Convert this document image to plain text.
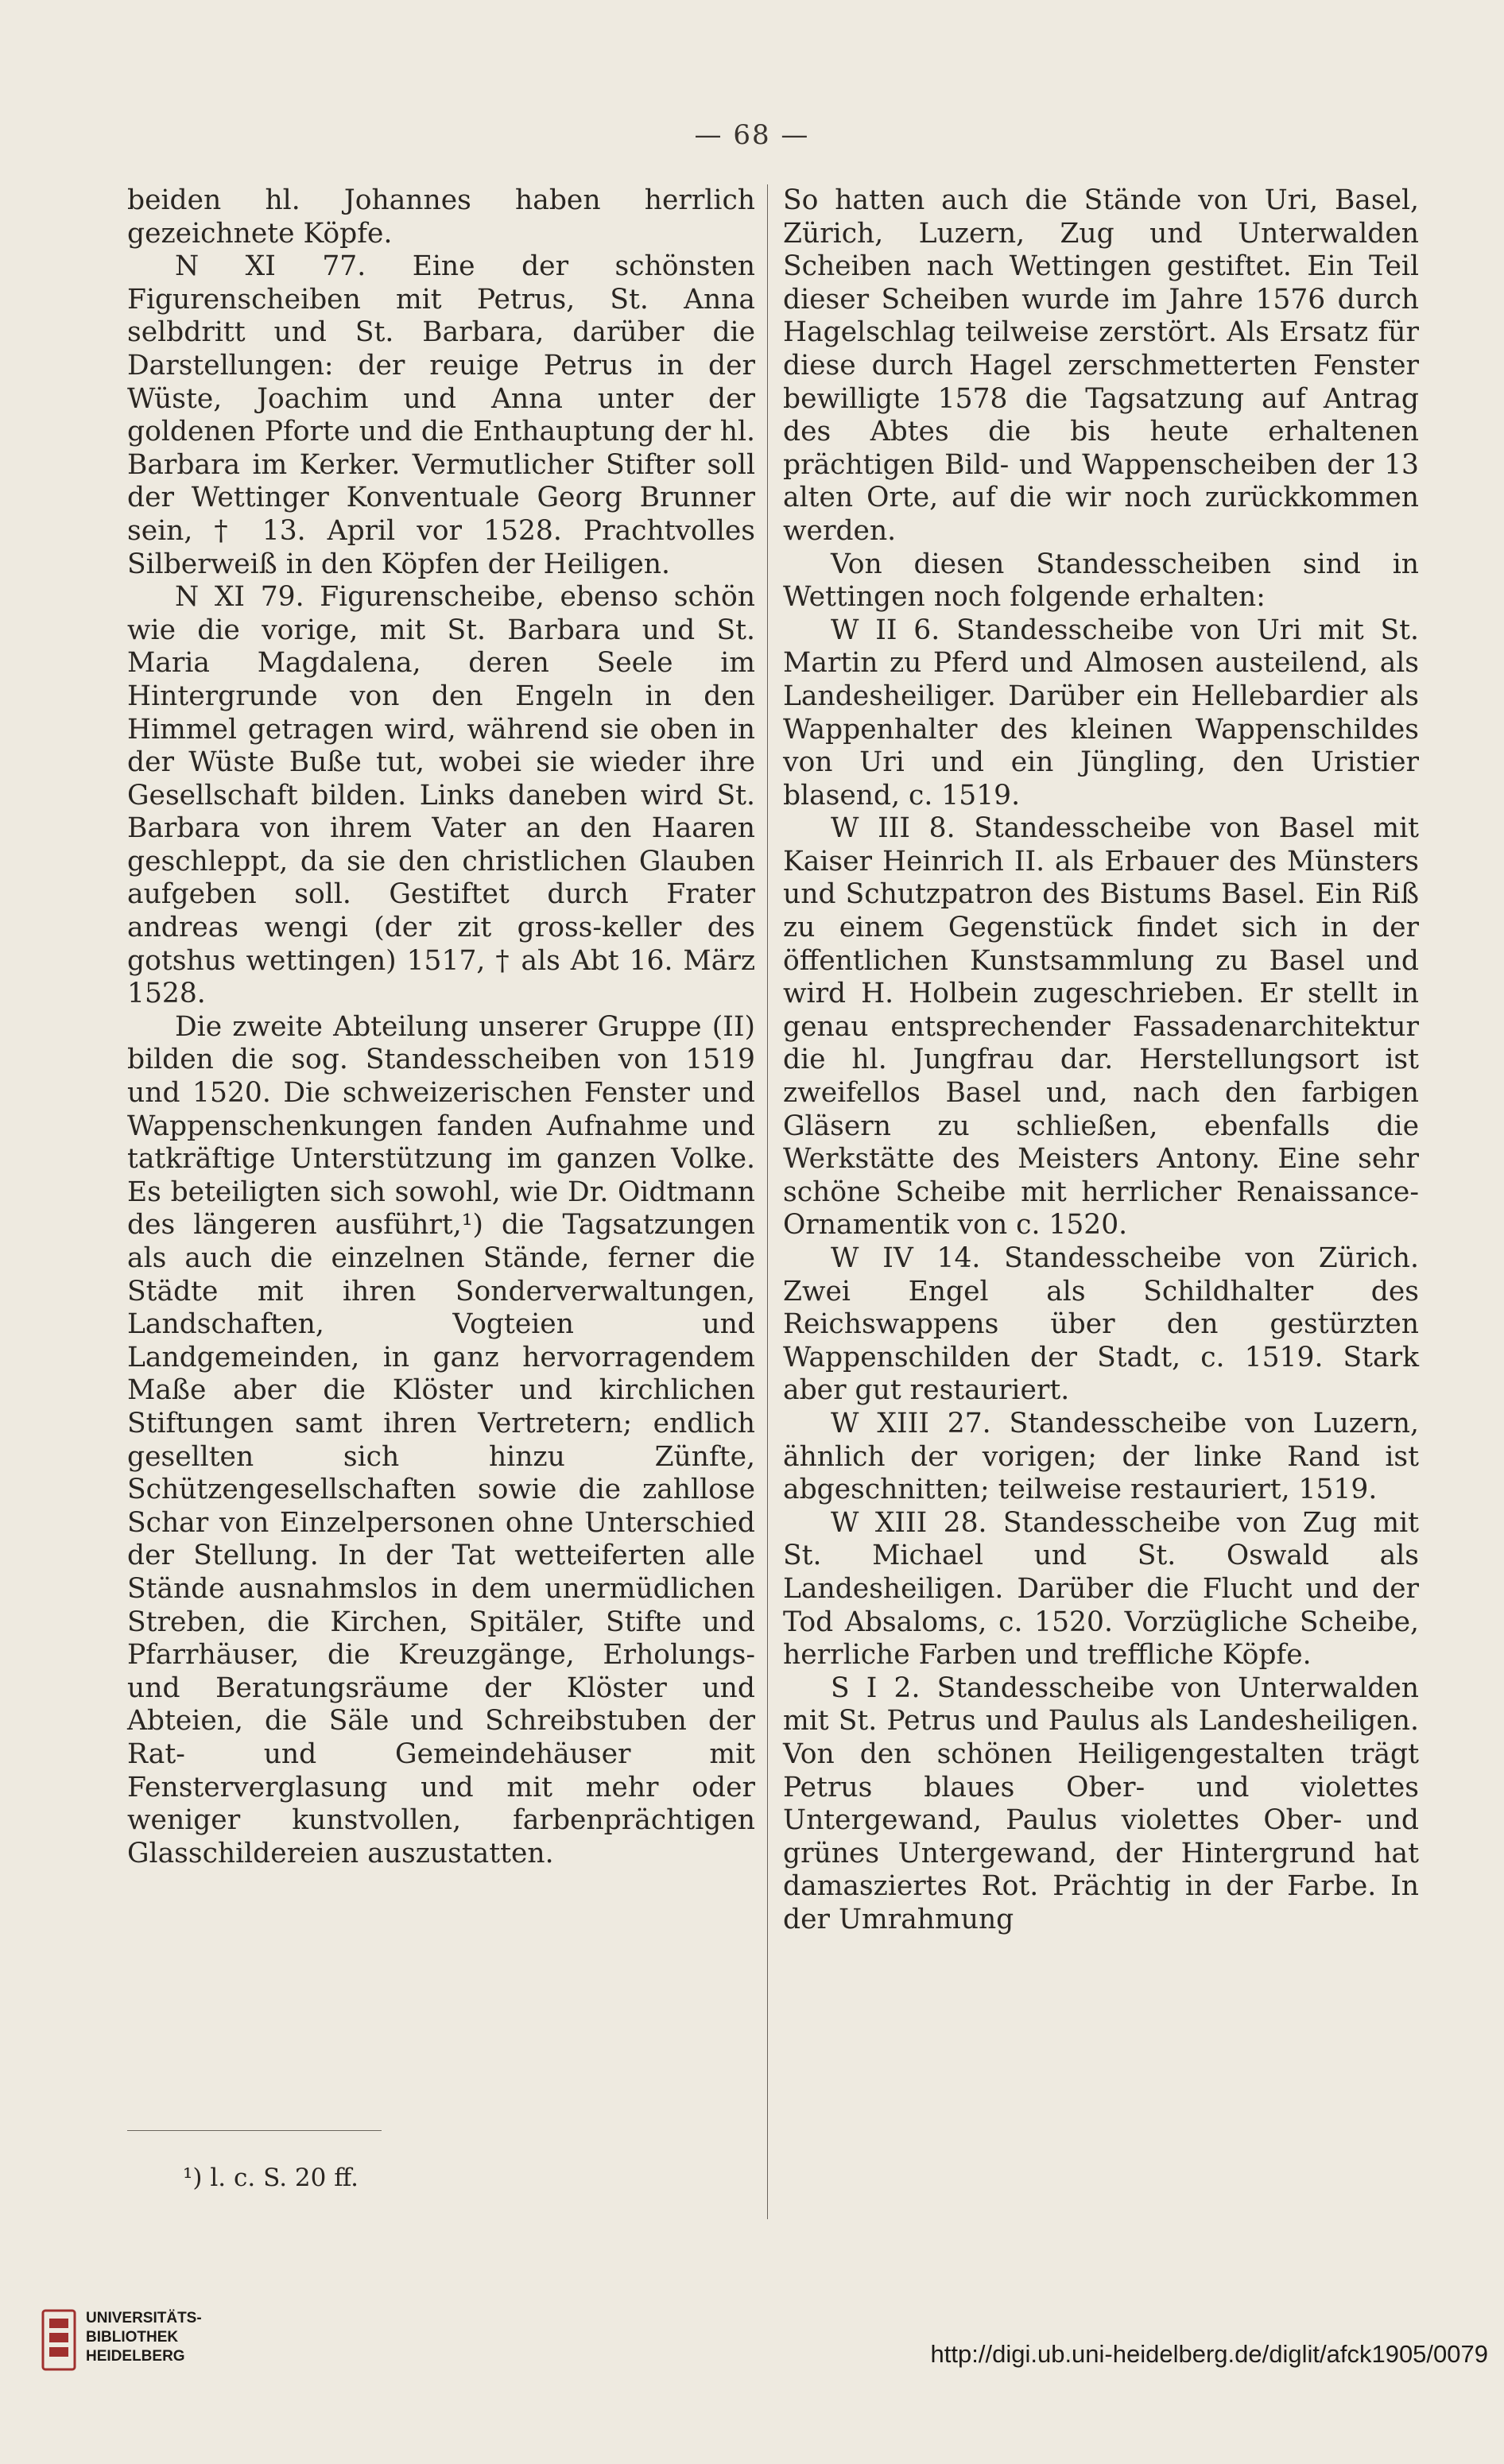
— 68 —

beiden hl. Johannes haben herrlich gezeichnete Köpfe.

N XI 77. Eine der schönsten Figurenscheiben mit Petrus, St. Anna selbdritt und St. Barbara, darüber die Darstellungen: der reuige Petrus in der Wüste, Joachim und Anna unter der goldenen Pforte und die Enthauptung der hl. Barbara im Kerker. Vermutlicher Stifter soll der Wettinger Konventuale Georg Brunner sein, † 13. April vor 1528. Prachtvolles Silberweiß in den Köpfen der Heiligen.

N XI 79. Figurenscheibe, ebenso schön wie die vorige, mit St. Barbara und St. Maria Magdalena, deren Seele im Hintergrunde von den Engeln in den Himmel getragen wird, während sie oben in der Wüste Buße tut, wobei sie wieder ihre Gesellschaft bilden. Links daneben wird St. Barbara von ihrem Vater an den Haaren geschleppt, da sie den christlichen Glauben aufgeben soll. Gestiftet durch Frater andreas wengi (der zit gross-keller des gotshus wettingen) 1517, † als Abt 16. März 1528.

Die zweite Abteilung unserer Gruppe (II) bilden die sog. Standesscheiben von 1519 und 1520. Die schweizerischen Fenster und Wappenschenkungen fanden Aufnahme und tatkräftige Unterstützung im ganzen Volke. Es beteiligten sich sowohl, wie Dr. Oidtmann des längeren ausführt,¹) die Tagsatzungen als auch die einzelnen Stände, ferner die Städte mit ihren Sonderverwaltungen, Landschaften, Vogteien und Landgemeinden, in ganz hervorragendem Maße aber die Klöster und kirchlichen Stiftungen samt ihren Vertretern; endlich gesellten sich hinzu Zünfte, Schützengesellschaften sowie die zahllose Schar von Einzelpersonen ohne Unterschied der Stellung. In der Tat wetteiferten alle Stände ausnahmslos in dem unermüdlichen Streben, die Kirchen, Spitäler, Stifte und Pfarrhäuser, die Kreuzgänge, Erholungs- und Beratungsräume der Klöster und Abteien, die Säle und Schreibstuben der Rat- und Gemeindehäuser mit Fensterverglasung und mit mehr oder weniger kunstvollen, farbenprächtigen Glasschildereien auszustatten.

So hatten auch die Stände von Uri, Basel, Zürich, Luzern, Zug und Unterwalden Scheiben nach Wettingen gestiftet. Ein Teil dieser Scheiben wurde im Jahre 1576 durch Hagelschlag teilweise zerstört. Als Ersatz für diese durch Hagel zerschmetterten Fenster bewilligte 1578 die Tagsatzung auf Antrag des Abtes die bis heute erhaltenen prächtigen Bild- und Wappenscheiben der 13 alten Orte, auf die wir noch zurückkommen werden.

Von diesen Standesscheiben sind in Wettingen noch folgende erhalten:

W II 6. Standesscheibe von Uri mit St. Martin zu Pferd und Almosen austeilend, als Landesheiliger. Darüber ein Hellebardier als Wappenhalter des kleinen Wappenschildes von Uri und ein Jüngling, den Uristier blasend, c. 1519.

W III 8. Standesscheibe von Basel mit Kaiser Heinrich II. als Erbauer des Münsters und Schutzpatron des Bistums Basel. Ein Riß zu einem Gegenstück findet sich in der öffentlichen Kunstsammlung zu Basel und wird H. Holbein zugeschrieben. Er stellt in genau entsprechender Fassadenarchitektur die hl. Jungfrau dar. Herstellungsort ist zweifellos Basel und, nach den farbigen Gläsern zu schließen, ebenfalls die Werkstätte des Meisters Antony. Eine sehr schöne Scheibe mit herrlicher Renaissance-Ornamentik von c. 1520.

W IV 14. Standesscheibe von Zürich. Zwei Engel als Schildhalter des Reichswappens über den gestürzten Wappenschilden der Stadt, c. 1519. Stark aber gut restauriert.

W XIII 27. Standesscheibe von Luzern, ähnlich der vorigen; der linke Rand ist abgeschnitten; teilweise restauriert, 1519.

W XIII 28. Standesscheibe von Zug mit St. Michael und St. Oswald als Landesheiligen. Darüber die Flucht und der Tod Absaloms, c. 1520. Vorzügliche Scheibe, herrliche Farben und treffliche Köpfe.

S I 2. Standesscheibe von Unterwalden mit St. Petrus und Paulus als Landesheiligen. Von den schönen Heiligengestalten trägt Petrus blaues Ober- und violettes Untergewand, Paulus violettes Ober- und grünes Untergewand, der Hintergrund hat damasziertes Rot. Prächtig in der Farbe. In der Umrahmung

¹) l. c. S. 20 ff.
UNIVERSITÄTS-
BIBLIOTHEK
HEIDELBERG	http://digi.ub.uni-heidelberg.de/diglit/afck1905/0079
